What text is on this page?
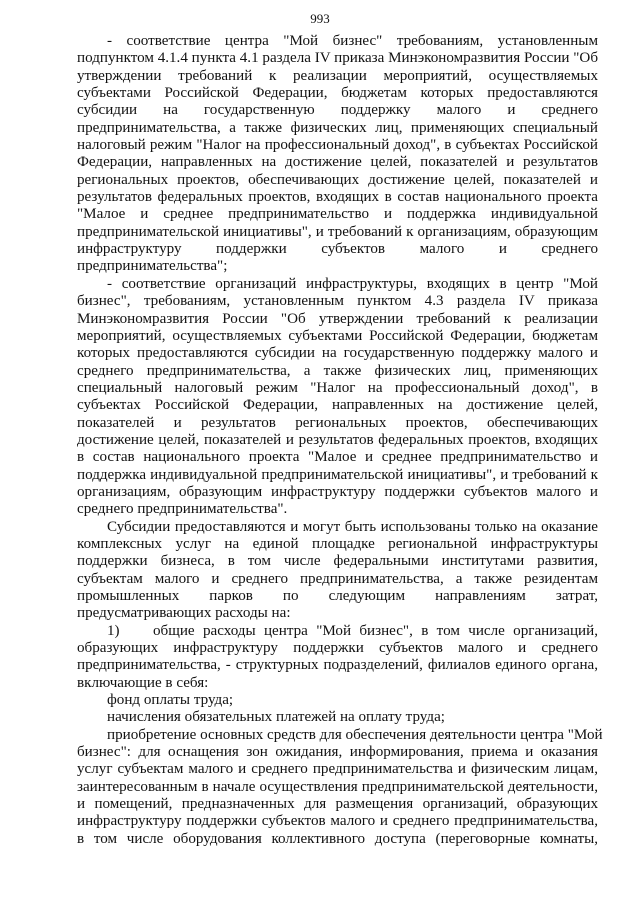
993
- соответствие центра "Мой бизнес" требованиям, установленным
подпунктом 4.1.4 пункта 4.1 раздела IV приказа Минэкономразвития России "Об
утверждении требований к реализации мероприятий, осуществляемых
субъектами Российской Федерации, бюджетам которых предоставляются
субсидии на государственную поддержку малого и среднего
предпринимательства, а также физических лиц, применяющих специальный
налоговый режим "Налог на профессиональный доход", в субъектах Российской
Федерации, направленных на достижение целей, показателей и результатов
региональных проектов, обеспечивающих достижение целей, показателей и
результатов федеральных проектов, входящих в состав национального проекта
"Малое и среднее предпринимательство и поддержка индивидуальной
предпринимательской инициативы", и требований к организациям, образующим
инфраструктуру поддержки субъектов малого и среднего
предпринимательства";
- соответствие организаций инфраструктуры, входящих в центр "Мой
бизнес", требованиям, установленным пунктом 4.3 раздела IV приказа
Минэкономразвития России "Об утверждении требований к реализации
мероприятий, осуществляемых субъектами Российской Федерации, бюджетам
которых предоставляются субсидии на государственную поддержку малого и
среднего предпринимательства, а также физических лиц, применяющих
специальный налоговый режим "Налог на профессиональный доход", в
субъектах Российской Федерации, направленных на достижение целей,
показателей и результатов региональных проектов, обеспечивающих
достижение целей, показателей и результатов федеральных проектов, входящих
в состав национального проекта "Малое и среднее предпринимательство и
поддержка индивидуальной предпринимательской инициативы", и требований к
организациям, образующим инфраструктуру поддержки субъектов малого и
среднего предпринимательства".
Субсидии предоставляются и могут быть использованы только на оказание
комплексных услуг на единой площадке региональной инфраструктуры
поддержки бизнеса, в том числе федеральными институтами развития,
субъектам малого и среднего предпринимательства, а также резидентам
промышленных парков по следующим направлениям затрат,
предусматривающих расходы на:
1) общие расходы центра "Мой бизнес", в том числе организаций,
образующих инфраструктуру поддержки субъектов малого и среднего
предпринимательства, - структурных подразделений, филиалов единого органа,
включающие в себя:
фонд оплаты труда;
начисления обязательных платежей на оплату труда;
приобретение основных средств для обеспечения деятельности центра "Мой
бизнес": для оснащения зон ожидания, информирования, приема и оказания
услуг субъектам малого и среднего предпринимательства и физическим лицам,
заинтересованным в начале осуществления предпринимательской деятельности,
и помещений, предназначенных для размещения организаций, образующих
инфраструктуру поддержки субъектов малого и среднего предпринимательства,
в том числе оборудования коллективного доступа (переговорные комнаты,
